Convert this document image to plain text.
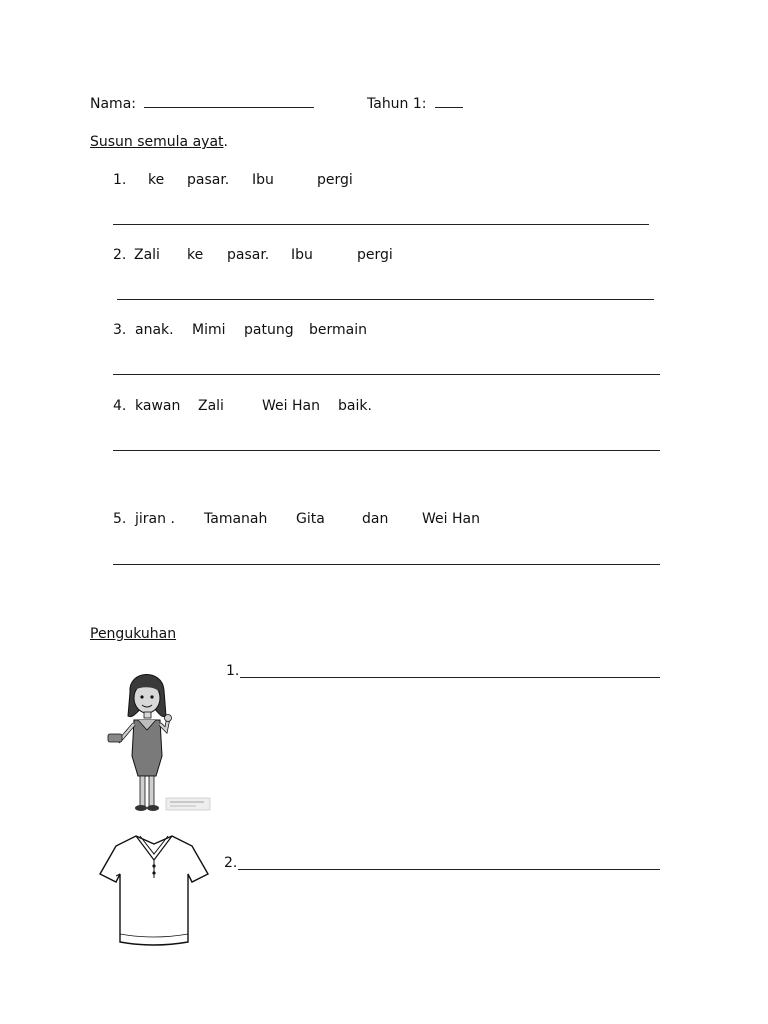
Nama:	Tahun 1:
Susun semula ayat.
1. ke pasar. Ibu	pergi
2. Zali ke pasar. Ibu	pergi
3. anak. Mimi patung bermain
4. kawan Zali	Wei Han baik.
5. jiran . Tamanah Gita	dan Wei Han
Pengukuhan
1.
2.
